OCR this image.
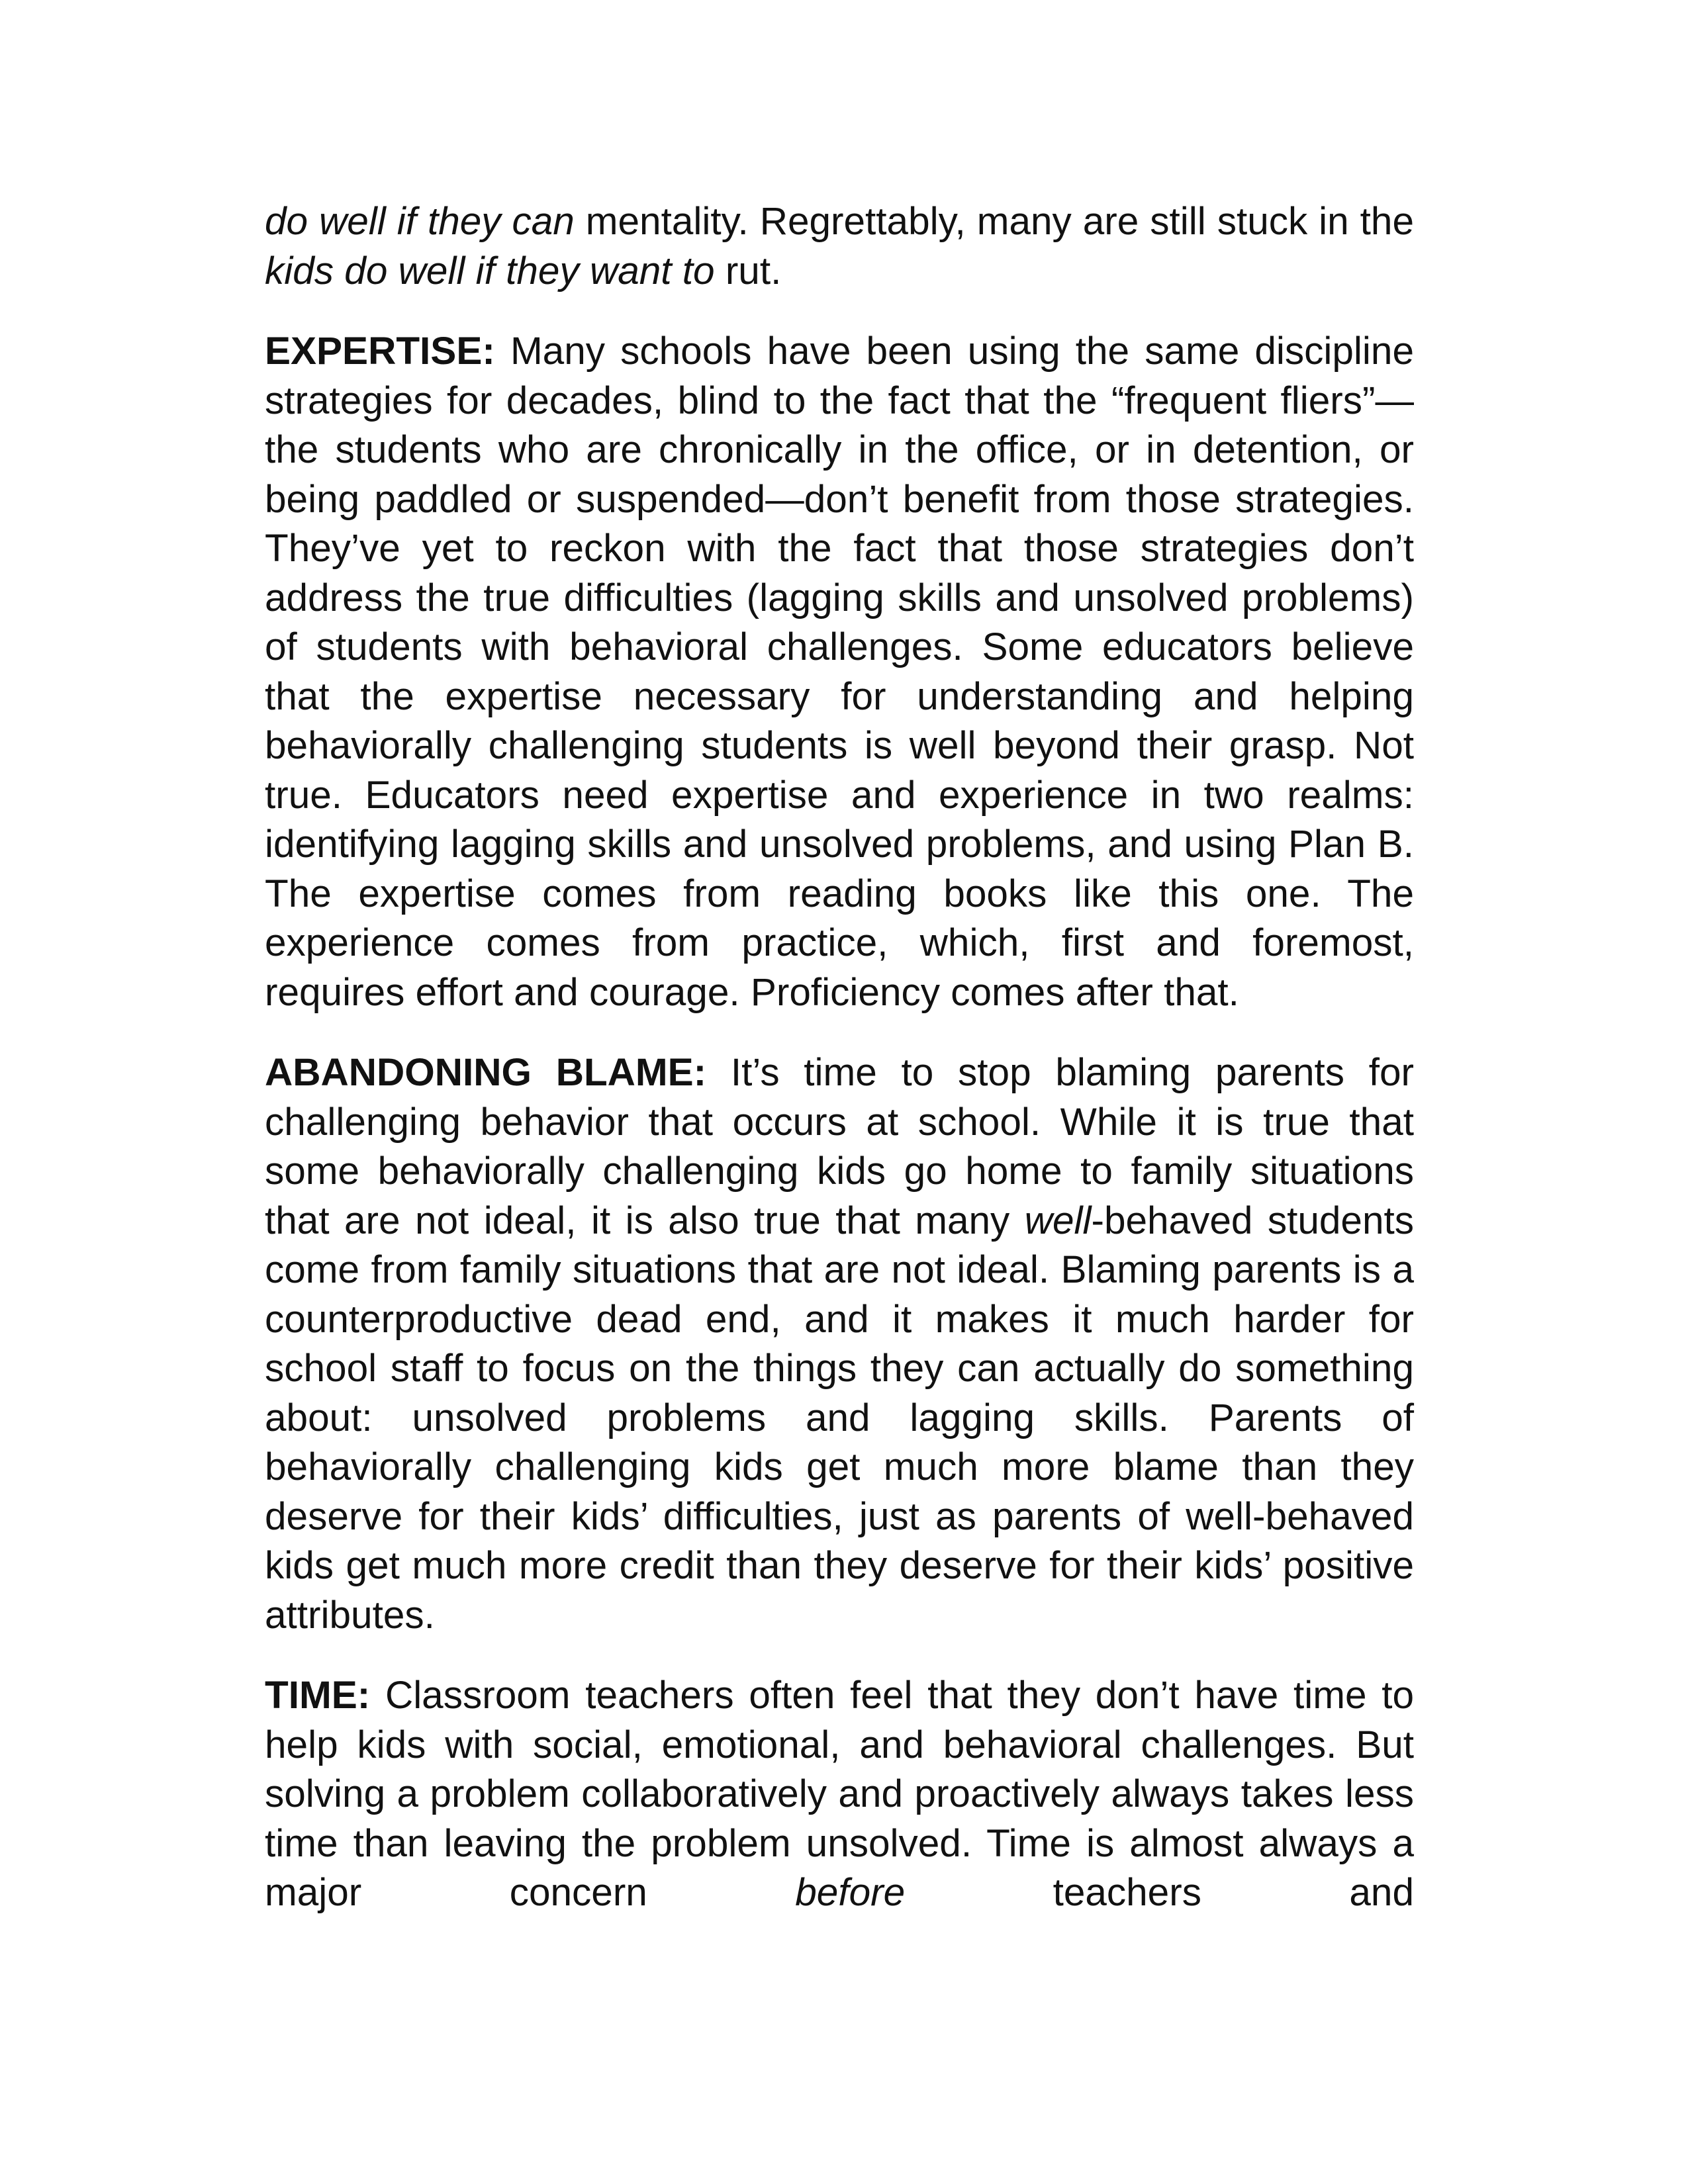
do well if they can mentality. Regrettably, many are still stuck in the kids do well if they want to rut.

EXPERTISE: Many schools have been using the same discipline strategies for decades, blind to the fact that the “frequent fliers”—the students who are chronically in the office, or in detention, or being paddled or suspended—don’t benefit from those strategies. They’ve yet to reckon with the fact that those strategies don’t address the true difficulties (lagging skills and unsolved problems) of students with behavioral challenges. Some educators believe that the expertise necessary for understanding and helping behaviorally challenging students is well beyond their grasp. Not true. Educators need expertise and experience in two realms: identifying lagging skills and unsolved problems, and using Plan B. The expertise comes from reading books like this one. The experience comes from practice, which, first and foremost, requires effort and courage. Proficiency comes after that.

ABANDONING BLAME: It’s time to stop blaming parents for challenging behavior that occurs at school. While it is true that some behaviorally challenging kids go home to family situations that are not ideal, it is also true that many well-behaved students come from family situations that are not ideal. Blaming parents is a counterproductive dead end, and it makes it much harder for school staff to focus on the things they can actually do something about: unsolved problems and lagging skills. Parents of behaviorally challenging kids get much more blame than they deserve for their kids’ difficulties, just as parents of well-behaved kids get much more credit than they deserve for their kids’ positive attributes.

TIME: Classroom teachers often feel that they don’t have time to help kids with social, emotional, and behavioral challenges. But solving a problem collaboratively and proactively always takes less time than leaving the problem unsolved. Time is almost always a major concern before teachers and
